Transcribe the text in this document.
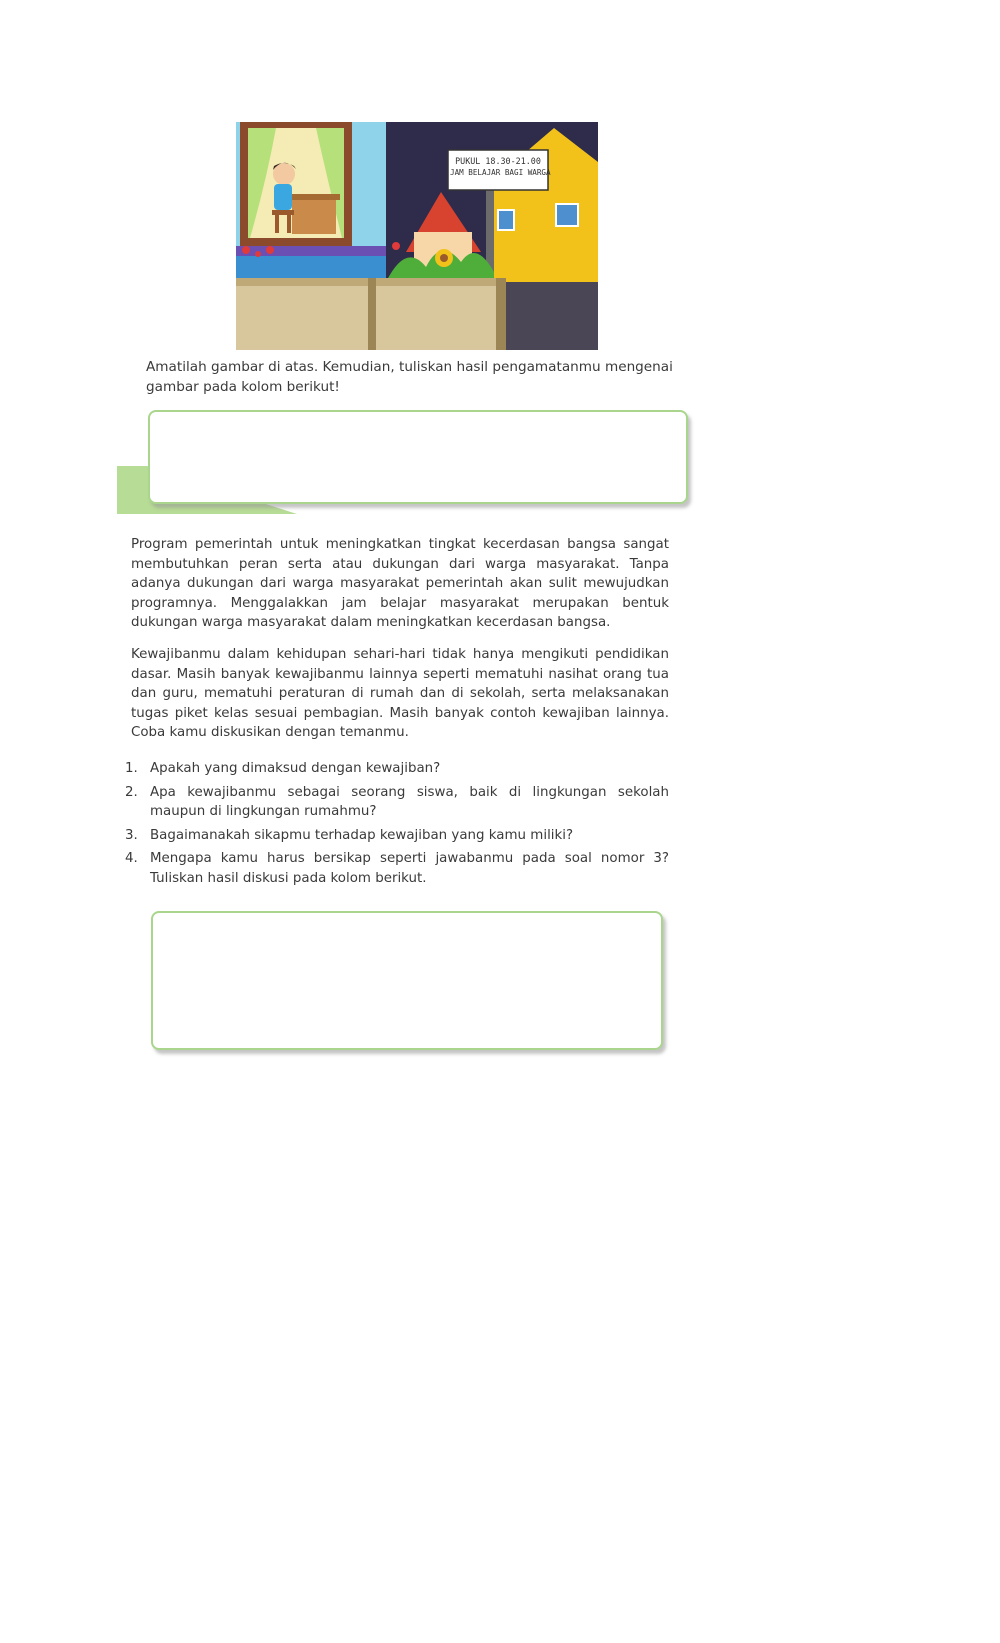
PUKUL 18.30-21.00
JAM BELAJAR BAGI WARGA
Amatilah gambar di atas. Kemudian, tuliskan hasil pengamatanmu mengenai gambar pada kolom berikut!

Program pemerintah untuk meningkatkan tingkat kecerdasan bangsa sangat membutuhkan peran serta atau dukungan dari warga masyarakat. Tanpa adanya dukungan dari warga masyarakat pemerintah akan sulit mewujudkan programnya. Menggalakkan jam belajar masyarakat merupakan bentuk dukungan warga masyarakat dalam meningkatkan kecerdasan bangsa.

Kewajibanmu dalam kehidupan sehari-hari tidak hanya mengikuti pendidikan dasar. Masih banyak kewajibanmu lainnya seperti mematuhi nasihat orang tua dan guru, mematuhi peraturan di rumah dan di sekolah, serta melaksanakan tugas piket kelas sesuai pembagian. Masih banyak contoh kewajiban lainnya. Coba kamu diskusikan dengan temanmu.

1. Apakah yang dimaksud dengan kewajiban?
2. Apa kewajibanmu sebagai seorang siswa, baik di lingkungan sekolah maupun di lingkungan rumahmu?
3. Bagaimanakah sikapmu terhadap kewajiban yang kamu miliki?
4. Mengapa kamu harus bersikap seperti jawabanmu pada soal nomor 3? Tuliskan hasil diskusi pada kolom berikut.
